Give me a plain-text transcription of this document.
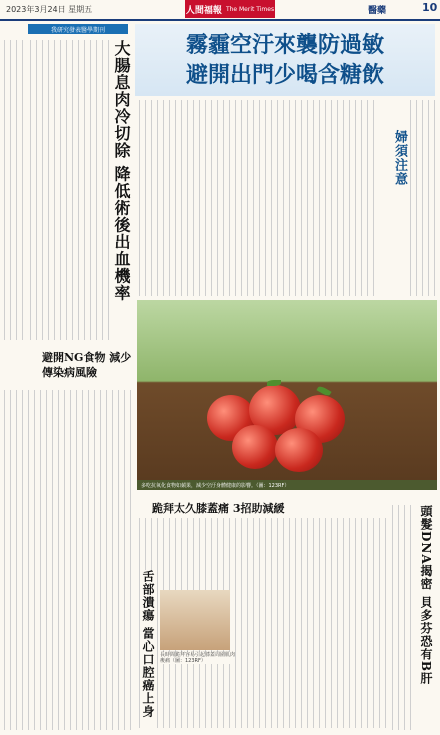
2023年3月24日 星期五	人間福報 The Merit Times	醫藥	10
我研究發表醫學期刊
大腸息肉冷切除 降低術後出血機率
避開NG食物 減少傳染病風險
霧霾空汙來襲防過敏
避開出門少喝含糖飲
婦須注意
多吃抗氧化食物如蘋果，減少空汙身體健康的影響。（圖：123RF）
跪拜太久膝蓋痛 3招助減緩
舌部潰瘍 當心口腔癌上身	長時間跪拜容易引起膝蓋周圍肌肉痠痛（圖：123RF）	頭髮DNA揭密 貝多芬恐有B肝
